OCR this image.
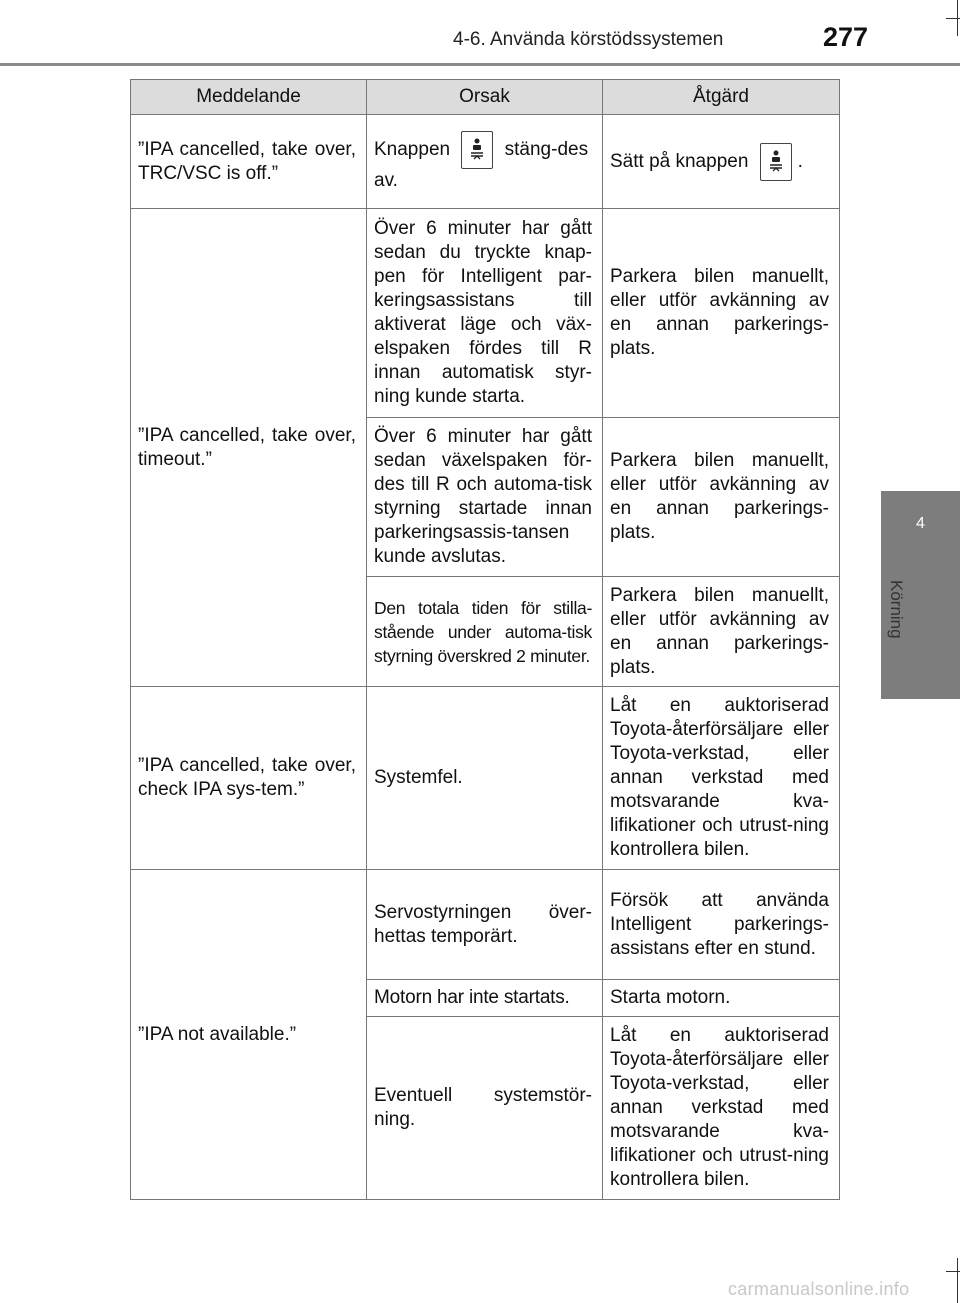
4-6. Använda körstödssystemen	277
4
Körning
Meddelande	Orsak	Åtgärd
”IPA cancelled, take over, TRC/VSC is off.”	Knappen stäng-des av.	Sätt på knappen .
”IPA cancelled, take over, timeout.”	Över 6 minuter har gått sedan du tryckte knap-pen för Intelligent par-keringsassistans till aktiverat läge och väx-elspaken fördes till R innan automatisk styr-ning kunde starta.	Parkera bilen manuellt, eller utför avkänning av en annan parkerings-plats.
	Över 6 minuter har gått sedan växelspaken för-des till R och automa-tisk styrning startade innan parkeringsassis-tansen kunde avslutas.	Parkera bilen manuellt, eller utför avkänning av en annan parkerings-plats.
	Den totala tiden för stilla-stående under automa-tisk styrning överskred 2 minuter.	Parkera bilen manuellt, eller utför avkänning av en annan parkerings-plats.
”IPA cancelled, take over, check IPA sys-tem.”	Systemfel.	Låt en auktoriserad Toyota-återförsäljare eller Toyota-verkstad, eller annan verkstad med motsvarande kva-lifikationer och utrust-ning kontrollera bilen.
”IPA not available.”	Servostyrningen över-hettas temporärt.	Försök att använda Intelligent parkerings-assistans efter en stund.
	Motorn har inte startats.	Starta motorn.
	Eventuell systemstör-ning.	Låt en auktoriserad Toyota-återförsäljare eller Toyota-verkstad, eller annan verkstad med motsvarande kva-lifikationer och utrust-ning kontrollera bilen.
carmanualsonline.info
